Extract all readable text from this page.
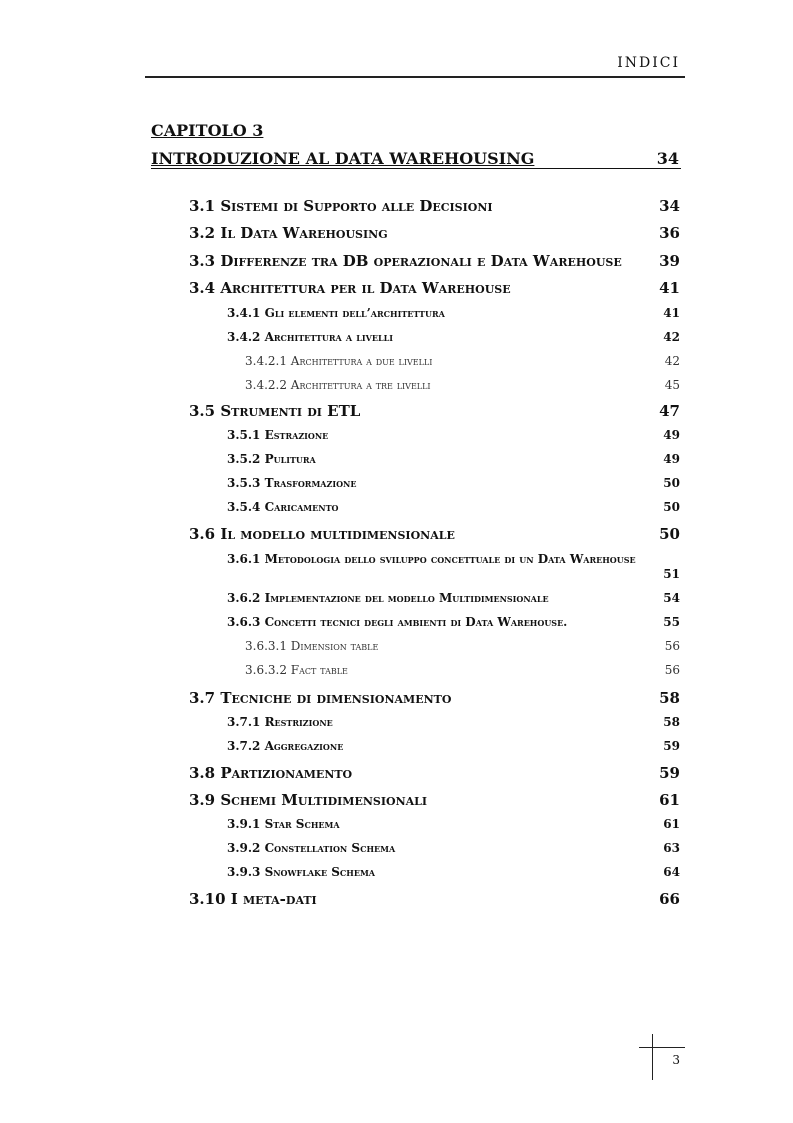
INDICI
CAPITOLO 3
INTRODUZIONE AL DATA WAREHOUSING	34
3.1 Sistemi di Supporto alle Decisioni	34
3.2 Il Data Warehousing	36
3.3 Differenze tra DB operazionali e Data Warehouse 39
3.4 Architettura per il Data Warehouse	41
3.4.1 Gli elementi dell’architettura	41
3.4.2 Architettura a livelli	42
3.4.2.1 Architettura a due livelli	42
3.4.2.2 Architettura a tre livelli	45
3.5 Strumenti di ETL	47
3.5.1 Estrazione	49
3.5.2 Pulitura	49
3.5.3 Trasformazione	50
3.5.4 Caricamento	50
3.6 Il modello multidimensionale	50
3.6.1 Metodologia dello sviluppo concettuale di un Data Warehouse
51
3.6.2 Implementazione del modello Multidimensionale	54
3.6.3 Concetti tecnici degli ambienti di Data Warehouse.	55
3.6.3.1 Dimension table	56
3.6.3.2 Fact table	56
3.7 Tecniche di dimensionamento	58
3.7.1 Restrizione	58
3.7.2 Aggregazione	59
3.8 Partizionamento	59
3.9 Schemi Multidimensionali	61
3.9.1 Star Schema	61
3.9.2 Constellation Schema	63
3.9.3 Snowflake Schema	64
3.10 I meta-dati	66
3
